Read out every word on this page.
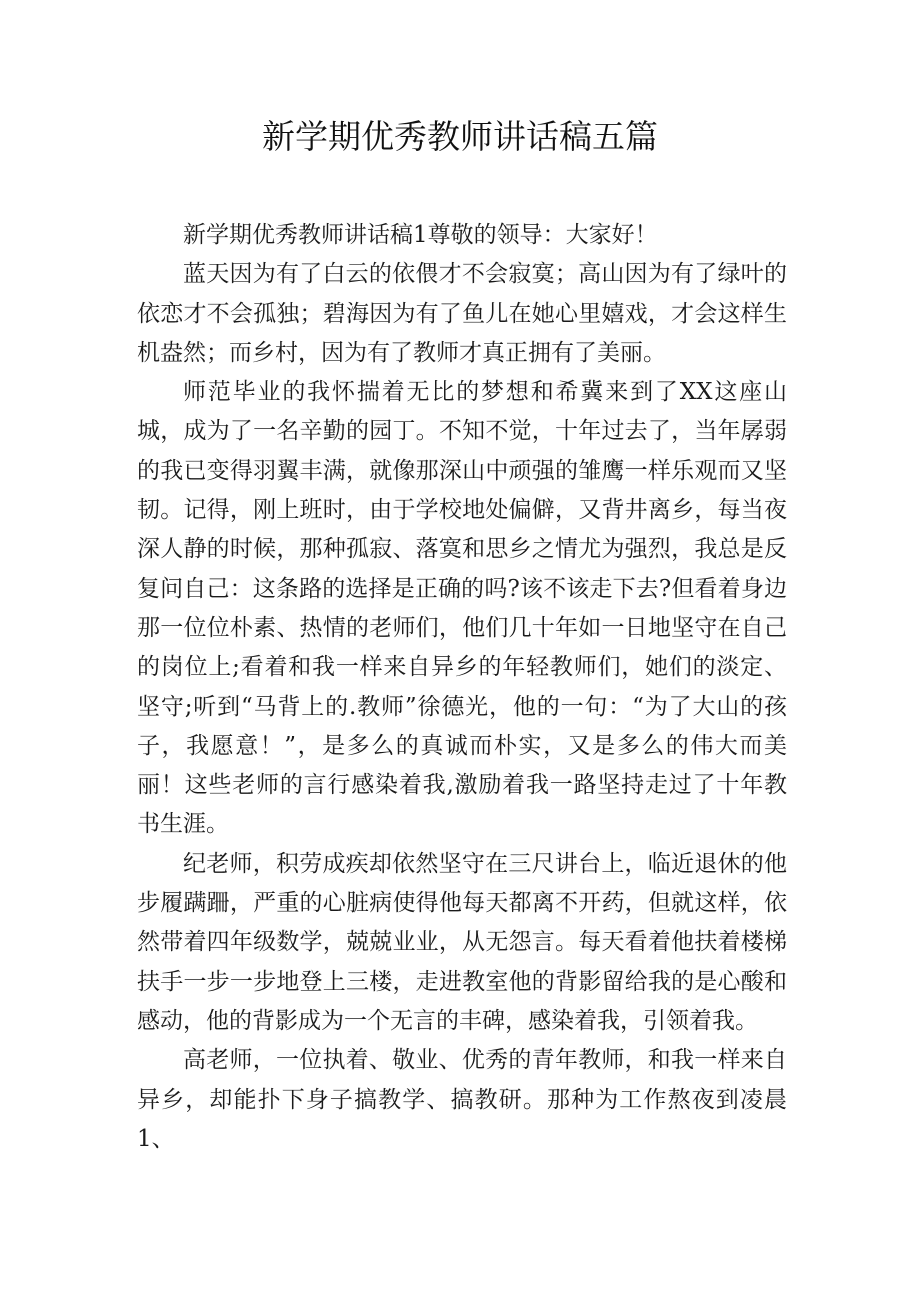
新学期优秀教师讲话稿五篇

新学期优秀教师讲话稿1尊敬的领导：大家好！

蓝天因为有了白云的依偎才不会寂寞；高山因为有了绿叶的依恋才不会孤独；碧海因为有了鱼儿在她心里嬉戏，才会这样生机盎然；而乡村，因为有了教师才真正拥有了美丽。

师范毕业的我怀揣着无比的梦想和希冀来到了XX这座山城，成为了一名辛勤的园丁。不知不觉，十年过去了，当年孱弱的我已变得羽翼丰满，就像那深山中顽强的雏鹰一样乐观而又坚韧。记得，刚上班时，由于学校地处偏僻，又背井离乡，每当夜深人静的时候，那种孤寂、落寞和思乡之情尤为强烈，我总是反复问自己：这条路的选择是正确的吗?该不该走下去?但看着身边那一位位朴素、热情的老师们，他们几十年如一日地坚守在自己的岗位上;看着和我一样来自异乡的年轻教师们，她们的淡定、坚守;听到“马背上的.教师”徐德光，他的一句：“为了大山的孩子，我愿意！”，是多么的真诚而朴实，又是多么的伟大而美丽！这些老师的言行感染着我,激励着我一路坚持走过了十年教书生涯。

纪老师，积劳成疾却依然坚守在三尺讲台上，临近退休的他步履蹒跚，严重的心脏病使得他每天都离不开药，但就这样，依然带着四年级数学，兢兢业业，从无怨言。每天看着他扶着楼梯扶手一步一步地登上三楼，走进教室他的背影留给我的是心酸和感动，他的背影成为一个无言的丰碑，感染着我，引领着我。

高老师，一位执着、敬业、优秀的青年教师，和我一样来自异乡，却能扑下身子搞教学、搞教研。那种为工作熬夜到凌晨1、
